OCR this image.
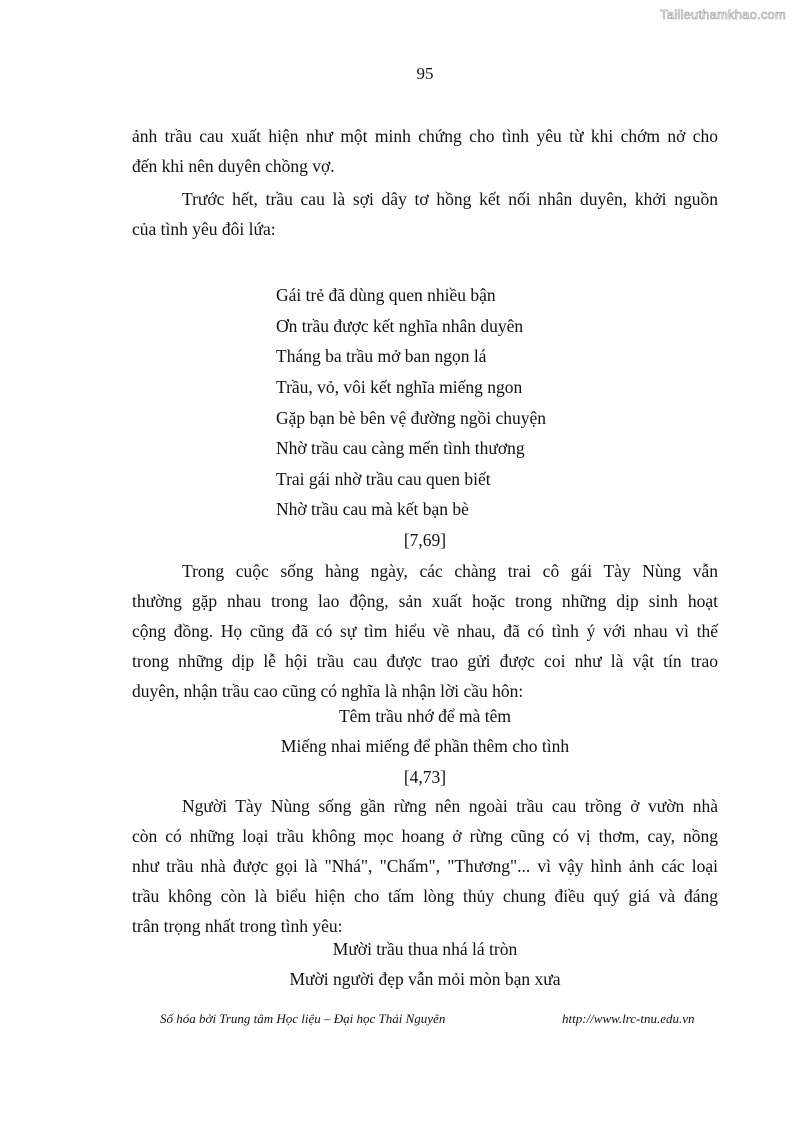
Tailieuthamkhao.com
95
ảnh trầu cau xuất hiện như một minh chứng cho tình yêu từ khi chớm nở cho
đến khi nên duyên chồng vợ.
Trước hết, trầu cau là sợi dây tơ hồng kết nối nhân duyên, khởi nguồn
của tình yêu đôi lứa:
Gái trẻ đã dùng quen nhiều bận
Ơn trầu được kết nghĩa nhân duyên
Tháng ba trầu mở ban ngọn lá
Trầu, vỏ, vôi kết nghĩa miếng ngon
Gặp bạn bè bên vệ đường ngồi chuyện
Nhờ trầu cau càng mến tình thương
Trai gái nhờ trầu cau quen biết
Nhờ trầu cau mà kết bạn bè
[7,69]
Trong cuộc sống hàng ngày, các chàng trai cô gái Tày Nùng vẫn
thường gặp nhau trong lao động, sản xuất hoặc trong những dịp sinh hoạt
cộng đồng. Họ cũng đã có sự tìm hiểu về nhau, đã có tình ý với nhau vì thế
trong những dịp lễ hội trầu cau được trao gửi được coi như là vật tín trao
duyên, nhận trầu cao cũng có nghĩa là nhận lời cầu hôn:
Têm trầu nhớ để mà têm
Miếng nhai miếng để phần thêm cho tình
[4,73]
Người Tày Nùng sống gần rừng nên ngoài trầu cau trồng ở vườn nhà
còn có những loại trầu không mọc hoang ở rừng cũng có vị thơm, cay, nồng
như trầu nhà được gọi là "Nhá", "Chấm", "Thương"... vì vậy hình ảnh các loại
trầu không còn là biểu hiện cho tấm lòng thủy chung điều quý giá và đáng
trân trọng nhất trong tình yêu:
Mười trầu thua nhá lá tròn
Mười người đẹp vẫn mỏi mòn bạn xưa
Số hóa bởi Trung tâm Học liệu – Đại học Thái Nguyên	http://www.lrc-tnu.edu.vn
